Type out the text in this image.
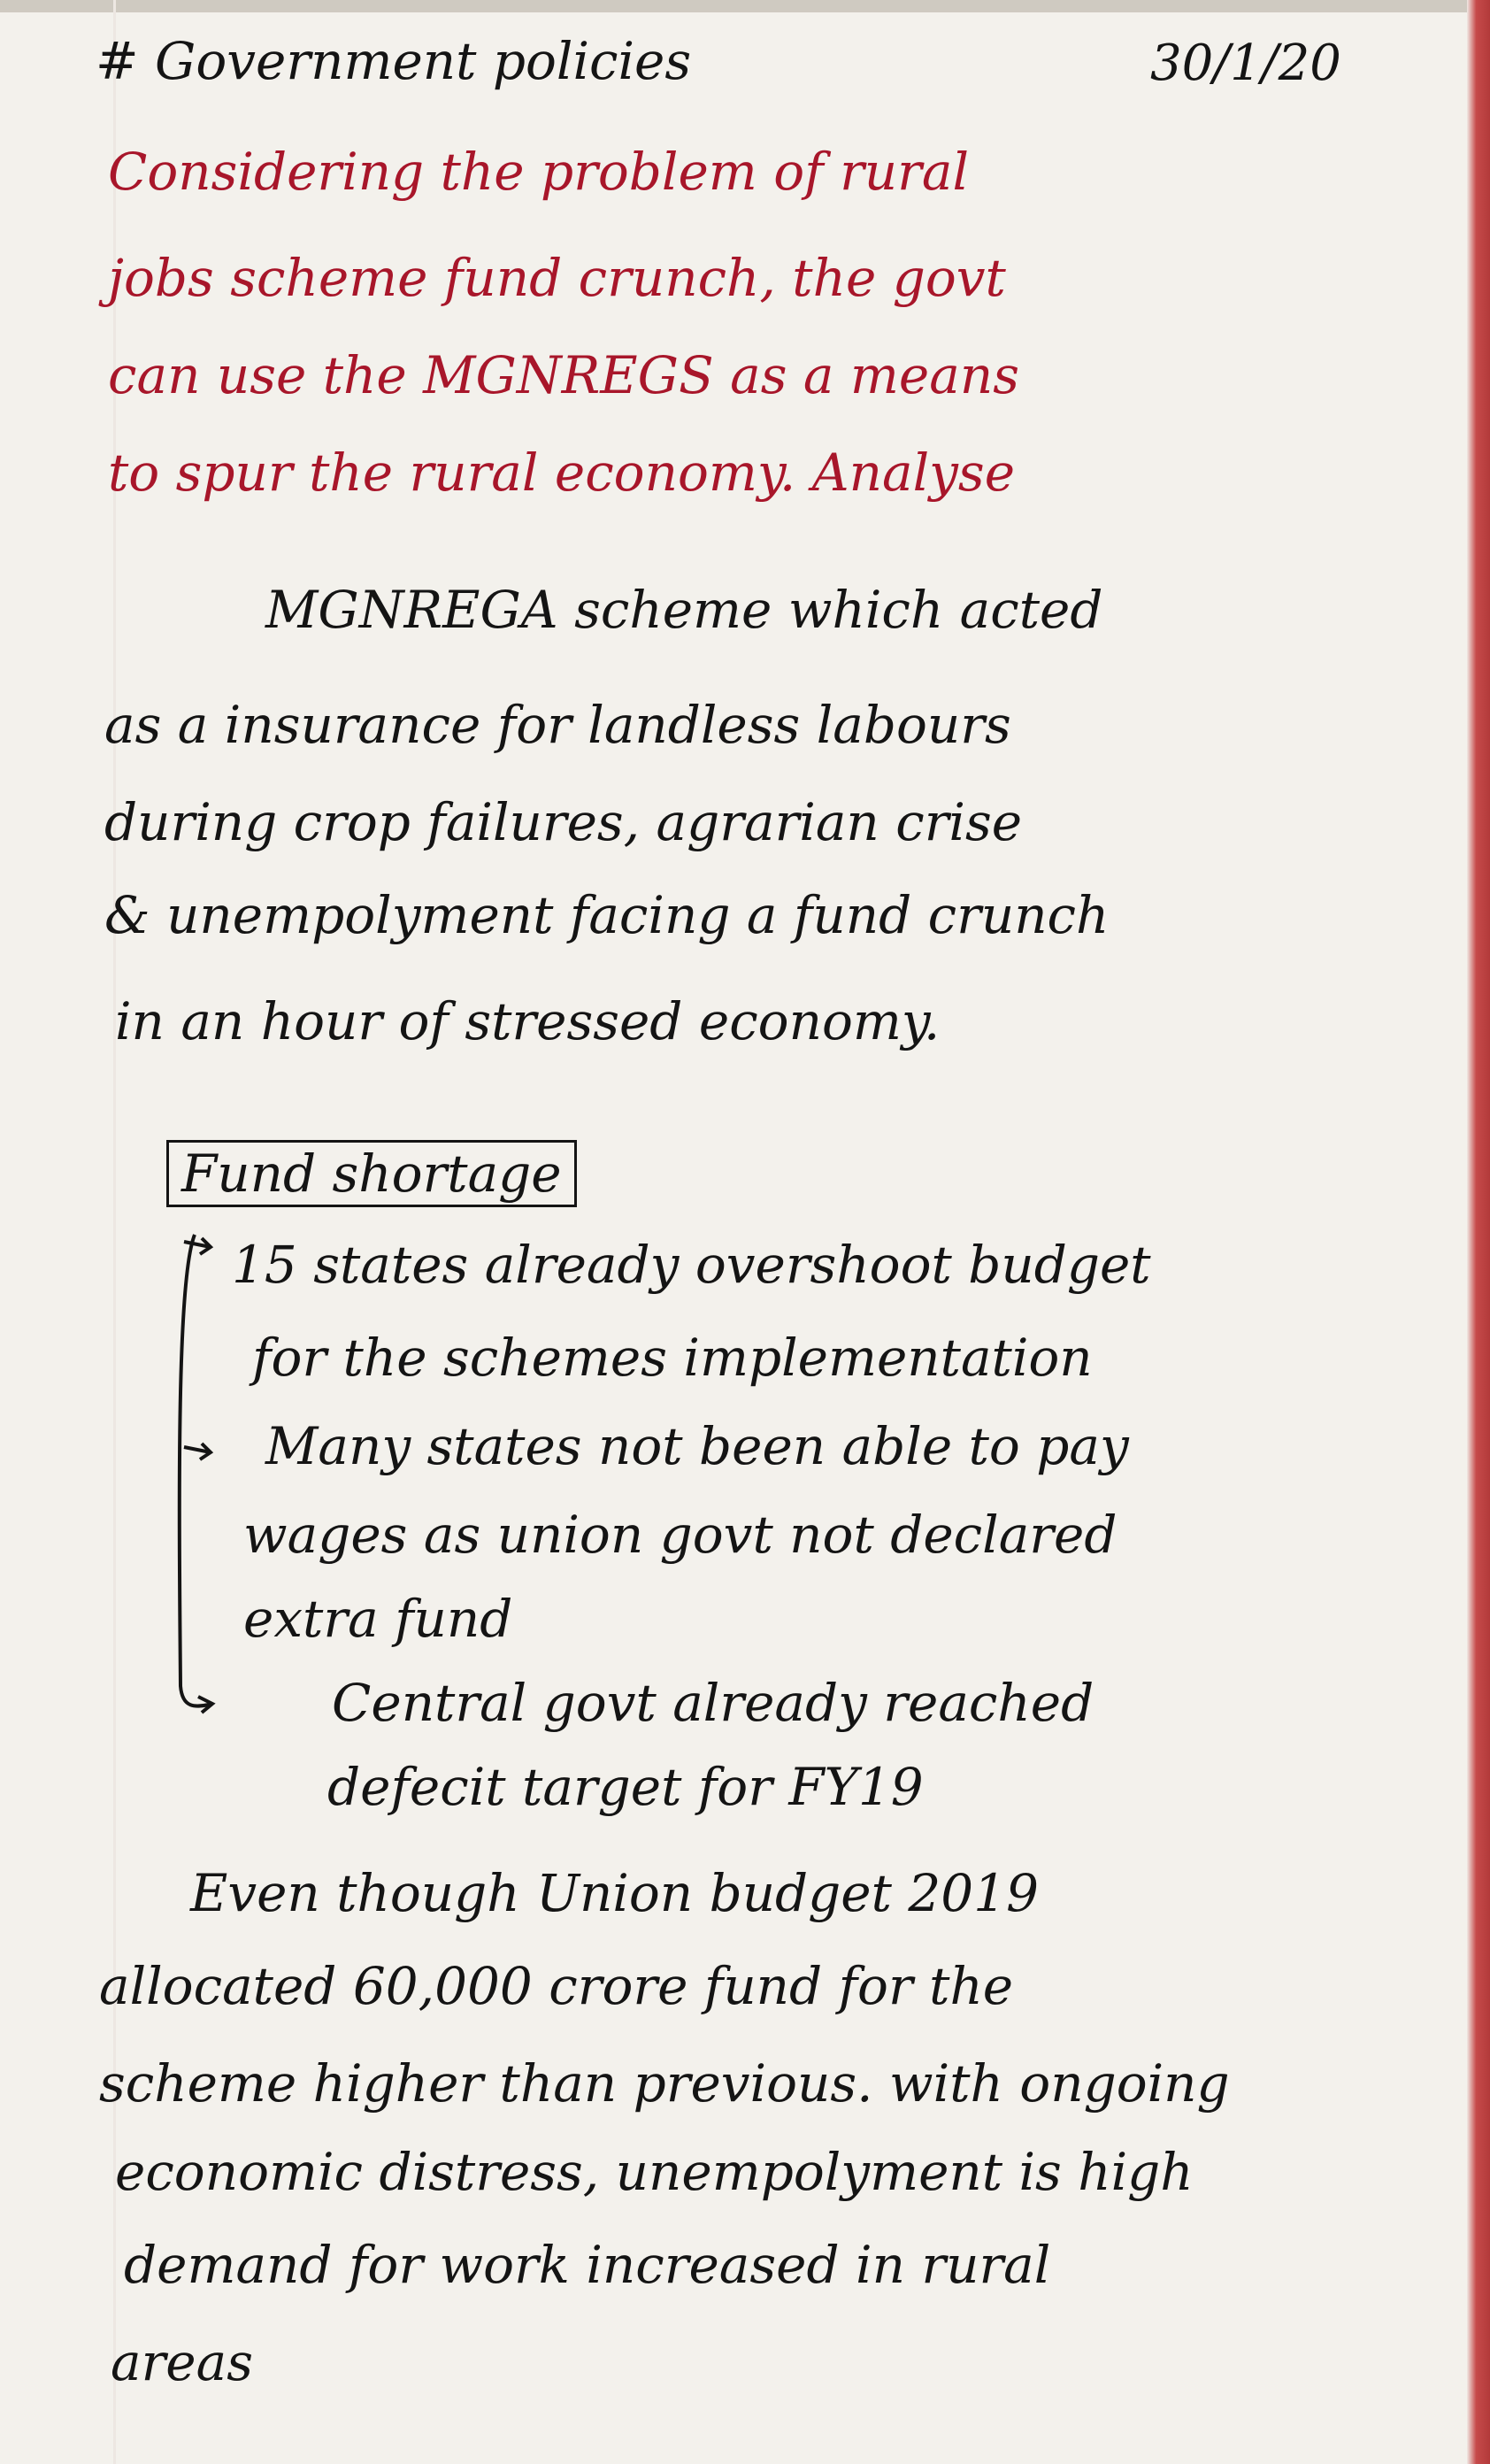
# Government policies	30/1/20
Considering the problem of rural
jobs scheme fund crunch, the govt
can use the MGNREGS as a means
to spur the rural economy. Analyse
MGNREGA scheme which acted
as a insurance for landless labours
during crop failures, agrarian crise
& unempolyment facing a fund crunch
in an hour of stressed economy.
Fund shortage
15 states already overshoot budget
for the schemes implementation
Many states not been able to pay
wages as union govt not declared
extra fund
Central govt already reached
defecit target for FY19
Even though Union budget 2019
allocated 60,000 crore fund for the
scheme higher than previous. with ongoing
economic distress, unempolyment is high
demand for work increased in rural
areas
